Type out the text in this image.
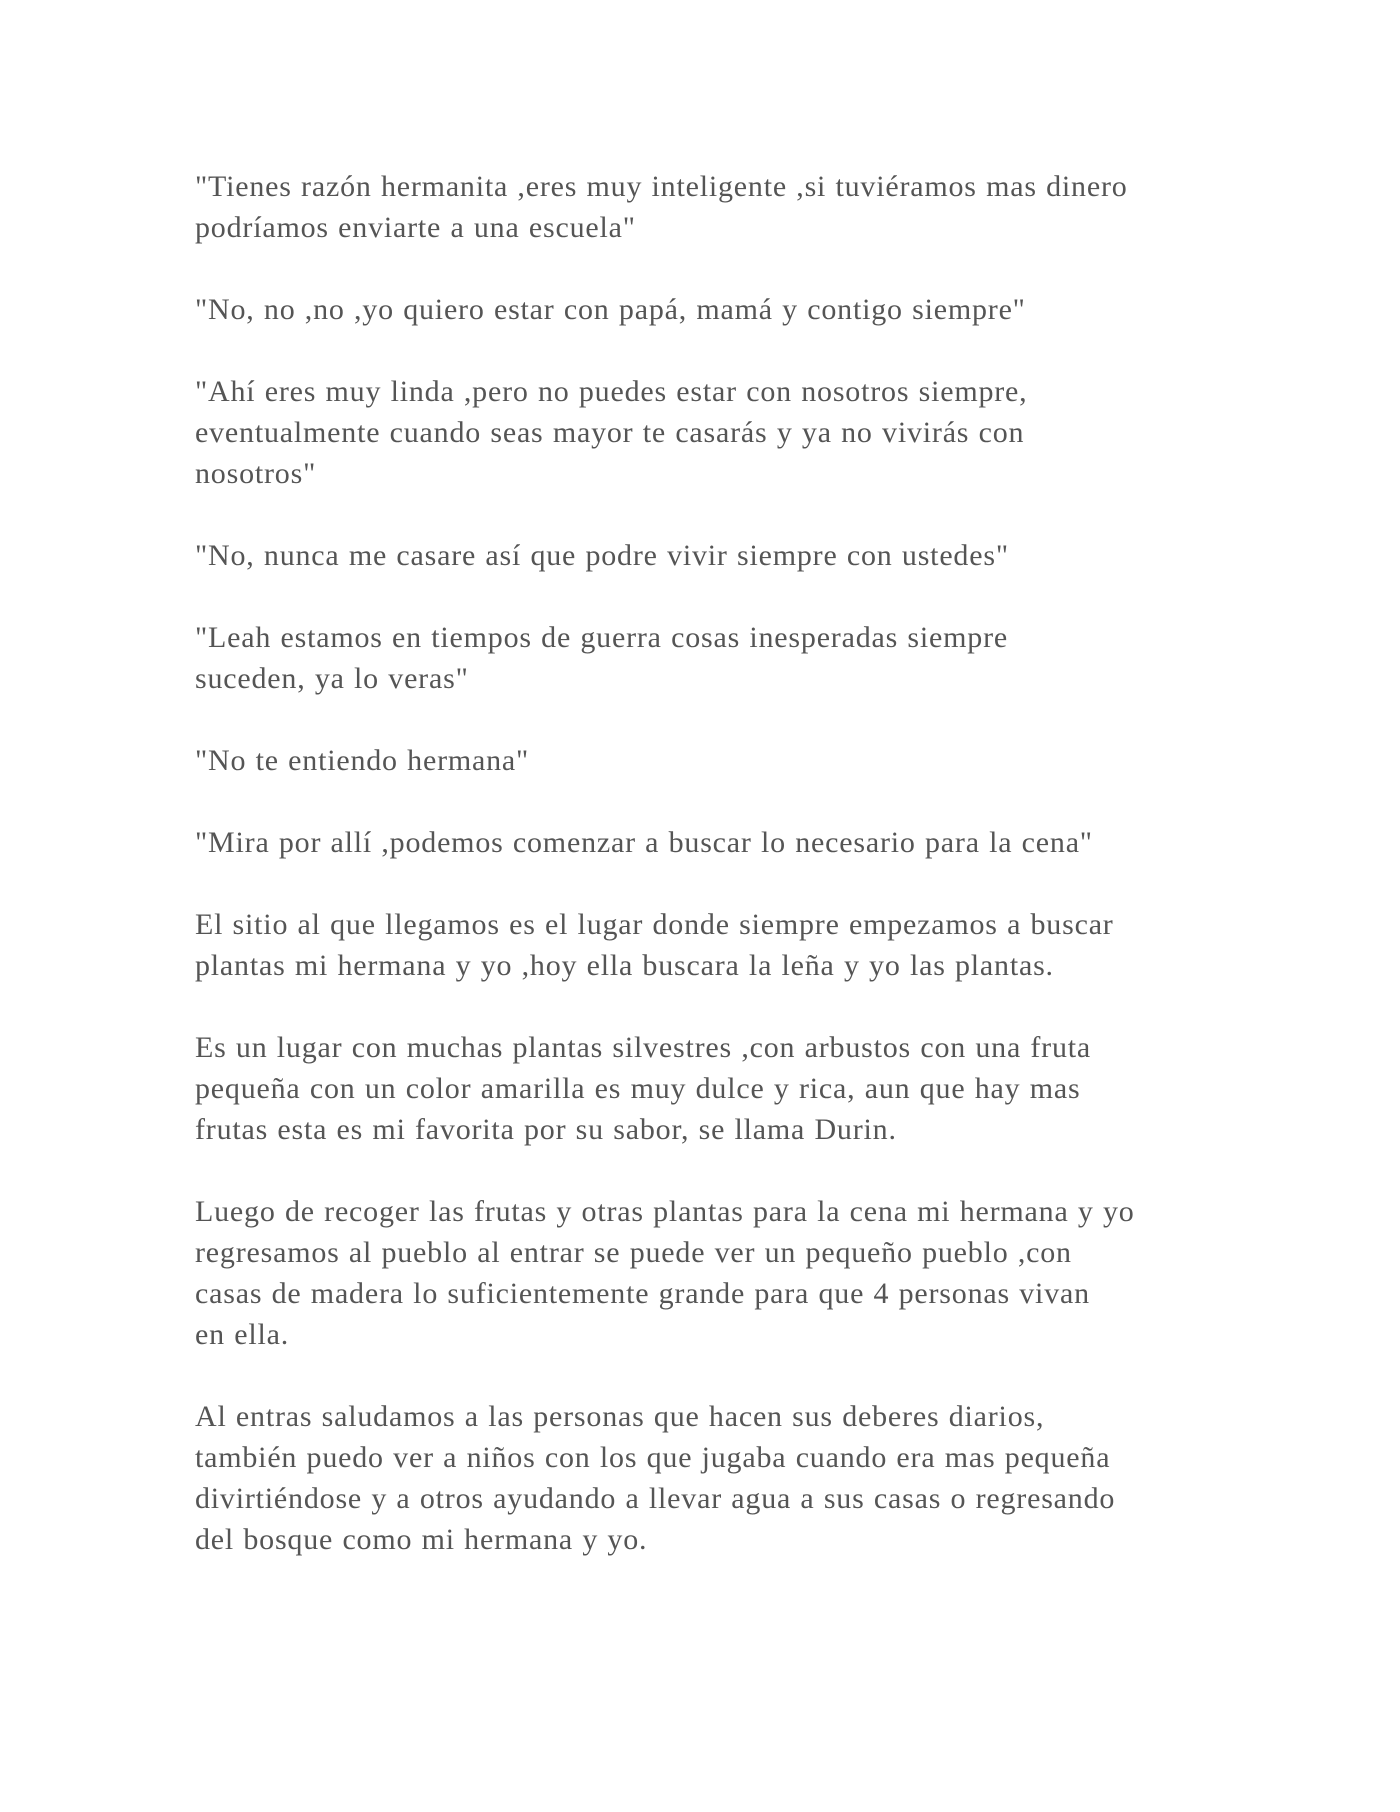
"Tienes razón hermanita ,eres muy inteligente ,si tuviéramos mas dinero
podríamos enviarte a una escuela"

"No, no ,no ,yo quiero estar con papá, mamá y contigo siempre"

"Ahí eres muy linda ,pero no puedes estar con nosotros siempre,
eventualmente cuando seas mayor te casarás y ya no vivirás con
nosotros"

"No, nunca me casare así que podre vivir siempre con ustedes"

"Leah estamos en tiempos de guerra cosas inesperadas siempre
suceden, ya lo veras"

"No te entiendo hermana"

"Mira por allí ,podemos comenzar a buscar lo necesario para la cena"

El sitio al que llegamos es el lugar donde siempre empezamos a buscar
plantas mi hermana y yo ,hoy ella buscara la leña y yo las plantas.

Es un lugar con muchas plantas silvestres ,con arbustos con una fruta
pequeña con un color amarilla es muy dulce y rica, aun que hay mas
frutas esta es mi favorita por su sabor, se llama Durin.

Luego de recoger las frutas y otras plantas para la cena mi hermana y yo
regresamos al pueblo al entrar se puede ver un pequeño pueblo ,con
casas de madera lo suficientemente grande para que 4 personas vivan
en ella.

Al entras saludamos a las personas que hacen sus deberes diarios,
también puedo ver a niños con los que jugaba cuando era mas pequeña
divirtiéndose y a otros ayudando a llevar agua a sus casas o regresando
del bosque como mi hermana y yo.
